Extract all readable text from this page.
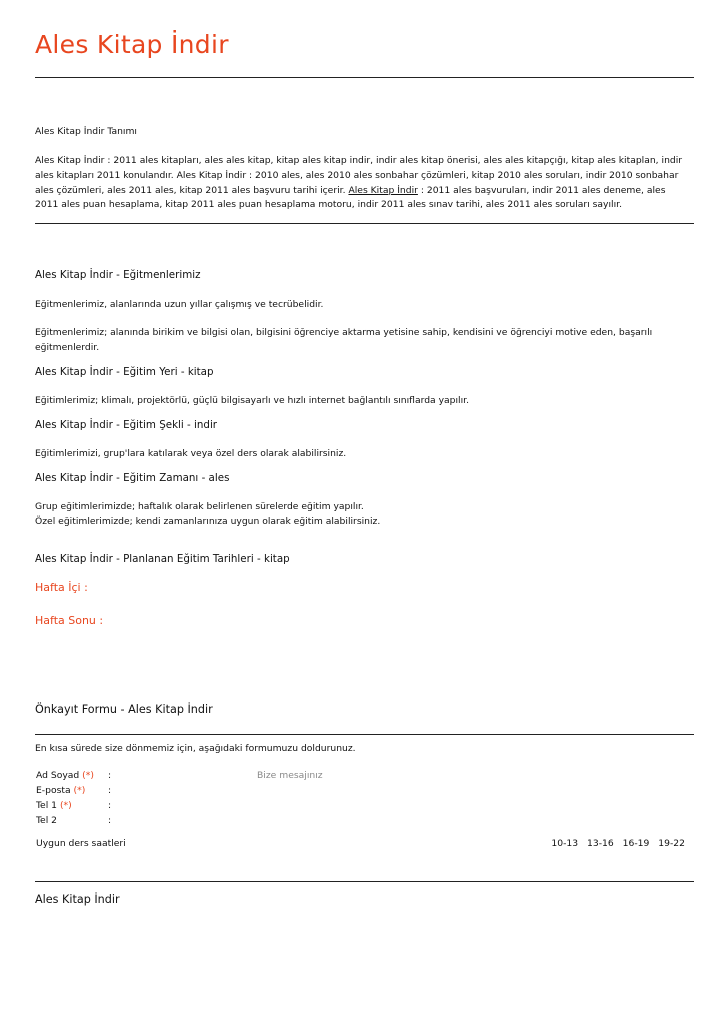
Ales Kitap İndir

Ales Kitap İndir Tanımı

Ales Kitap İndir : 2011 ales kitapları, ales ales kitap, kitap ales kitap indir, indir ales kitap önerisi, ales ales kitapçığı, kitap ales kitaplan, indir

ales kitapları 2011 konulandır. Ales Kitap İndir : 2010 ales, ales 2010 ales sonbahar çözümleri, kitap 2010 ales soruları, indir 2010 sonbahar

ales çözümleri, ales 2011 ales, kitap 2011 ales başvuru tarihi içerir. Ales Kitap İndir : 2011 ales başvuruları, indir 2011 ales deneme, ales

2011 ales puan hesaplama, kitap 2011 ales puan hesaplama motoru, indir 2011 ales sınav tarihi, ales 2011 ales soruları sayılır.

Ales Kitap İndir - Eğitmenlerimiz

Eğitmenlerimiz, alanlarında uzun yıllar çalışmış ve tecrübelidir.

Eğitmenlerimiz; alanında birikim ve bilgisi olan, bilgisini öğrenciye aktarma yetisine sahip, kendisini ve öğrenciyi motive eden, başarılı

eğitmenlerdir.

Ales Kitap İndir - Eğitim Yeri - kitap

Eğitimlerimiz; klimalı, projektörlü, güçlü bilgisayarlı ve hızlı internet bağlantılı sınıflarda yapılır.

Ales Kitap İndir - Eğitim Şekli - indir

Eğitimlerimizi, grup'lara katılarak veya özel ders olarak alabilirsiniz.

Ales Kitap İndir - Eğitim Zamanı - ales

Grup eğitimlerimizde; haftalık olarak belirlenen sürelerde eğitim yapılır.

Özel eğitimlerimizde; kendi zamanlarınıza uygun olarak eğitim alabilirsiniz.

Ales Kitap İndir - Planlanan Eğitim Tarihleri - kitap

Hafta İçi :

Hafta Sonu :

Önkayıt Formu - Ales Kitap İndir

En kısa sürede size dönmemiz için, aşağıdaki formumuzu doldurunuz.

Ad Soyad (*) :	Bize mesajınız
E-posta (*) :
Tel 1 (*)	:
Tel 2	:
Uygun ders saatleri	10-13 13-16 16-19 19-22
Ales Kitap İndir
